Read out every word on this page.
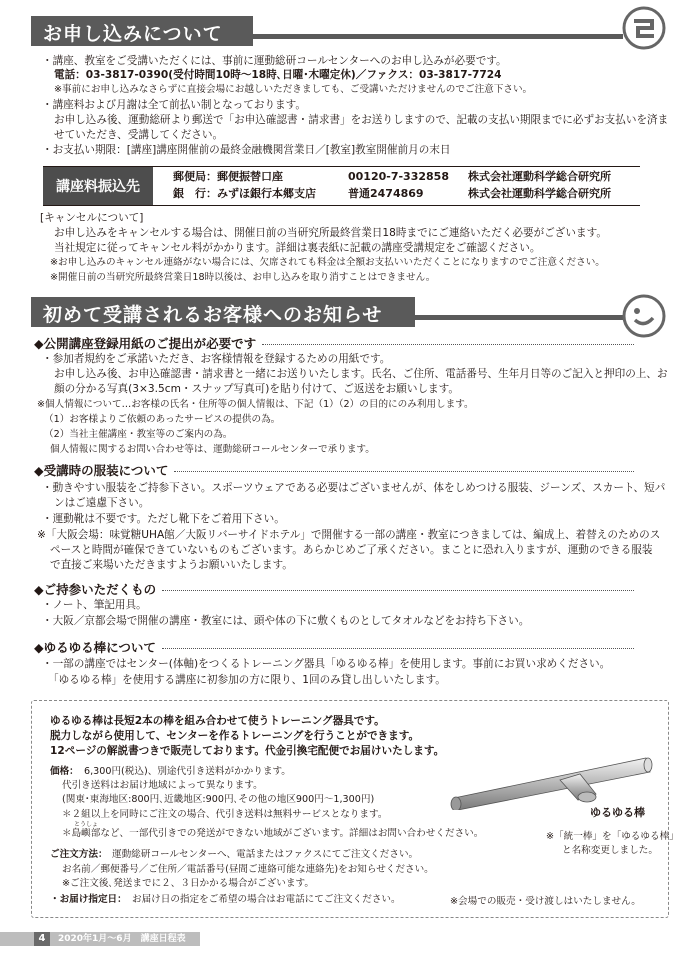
お申し込みについて
・講座、教室をご受講いただくには、事前に運動総研コールセンターへのお申し込みが必要です。
電話：03-3817-0390(受付時間10時〜18時､日曜･木曜定休)／ファクス：03-3817-7724
※事前にお申し込みなさらずに直接会場にお越しいただきましても、ご受講いただけませんのでご注意下さい。
・講座料および月謝は全て前払い制となっております。
お申し込み後、運動総研より郵送で「お申込確認書・請求書」をお送りしますので、記載の支払い期限までに必ずお支払いを済ま
せていただき、受講してください。
・お支払い期限：[講座]講座開催前の最終金融機関営業日／[教室]教室開催前月の末日
講座料振込先
郵便局：郵便振替口座	00120-7-332858 株式会社運動科学総合研究所
銀　行：みずほ銀行本郷支店	普通2474869	株式会社運動科学総合研究所
[キャンセルについて]
お申し込みをキャンセルする場合は、開催日前の当研究所最終営業日18時までにご連絡いただく必要がございます。
当社規定に従ってキャンセル料がかかります。詳細は裏表紙に記載の講座受講規定をご確認ください。
※お申し込みのキャンセル連絡がない場合には、欠席されても料金は全額お支払いいただくことになりますのでご注意ください。
※開催日前の当研究所最終営業日18時以後は、お申し込みを取り消すことはできません。
初めて受講されるお客様へのお知らせ
◆公開講座登録用紙のご提出が必要です
・参加者規約をご承諾いただき、お客様情報を登録するための用紙です。
お申し込み後、お申込確認書・請求書と一緒にお送りいたします。氏名、ご住所、電話番号、生年月日等のご記入と押印の上、お
顔の分かる写真(3×3.5cm・スナップ写真可)を貼り付けて、ご返送をお願いします。
※個人情報について…お客様の氏名・住所等の個人情報は、下記（1）（2）の目的にのみ利用します。
（1）お客様よりご依頼のあったサービスの提供の為。
（2）当社主催講座・教室等のご案内の為。
個人情報に関するお問い合わせ等は、運動総研コールセンターで承ります。
◆受講時の服装について
・動きやすい服装をご持参下さい。スポーツウェアである必要はございませんが、体をしめつける服装、ジーンズ、スカート、短パ
ンはご遠慮下さい。
・運動靴は不要です。ただし靴下をご着用下さい。
※「大阪会場：味覚糖UHA館／大阪リバーサイドホテル」で開催する一部の講座・教室につきましては、編成上、着替えのためのス
ペースと時間が確保できていないものもございます。あらかじめご了承ください。まことに恐れ入りますが、運動のできる服装
で直接ご来場いただきますようお願いいたします。
◆ご持参いただくもの
・ノート、筆記用具。
・大阪／京都会場で開催の講座・教室には、頭や体の下に敷くものとしてタオルなどをお持ち下さい。
◆ゆるゆる棒について
・一部の講座ではセンター(体軸)をつくるトレーニング器具「ゆるゆる棒」を使用します。事前にお買い求めください。
「ゆるゆる棒」を使用する講座に初参加の方に限り、1回のみ貸し出しいたします。
ゆるゆる棒は長短2本の棒を組み合わせて使うトレーニング器具です。
脱力しながら使用して、センターを作るトレーニングを行うことができます。
12ページの解説書つきで販売しております。代金引換宅配便でお届けいたします。
価格： 6,300円(税込)、別途代引き送料がかかります。
代引き送料はお届け地域によって異なります。
(関東･東海地区:800円､近畿地区:900円､その他の地区900円〜1,300円)
＊２組以上を同時にご注文の場合、代引き送料は無料サービスとなります。
とうしょ
＊島嶼部など、一部代引きでの発送ができない地域がございます。詳細はお問い合わせください。
ご注文方法： 運動総研コールセンターへ、電話またはファクスにてご注文ください。
お名前／郵便番号／ご住所／電話番号(昼間ご連絡可能な連絡先)をお知らせください。
※ご注文後､発送までに２、３日かかる場合がございます。
・お届け指定日： お届け日の指定をご希望の場合はお電話にてご注文ください。
ゆるゆる棒
※「統一棒」を「ゆるゆる棒」
と名称変更しました。
※会場での販売・受け渡しはいたしません。
4	2020年1月〜6月　講座日程表
